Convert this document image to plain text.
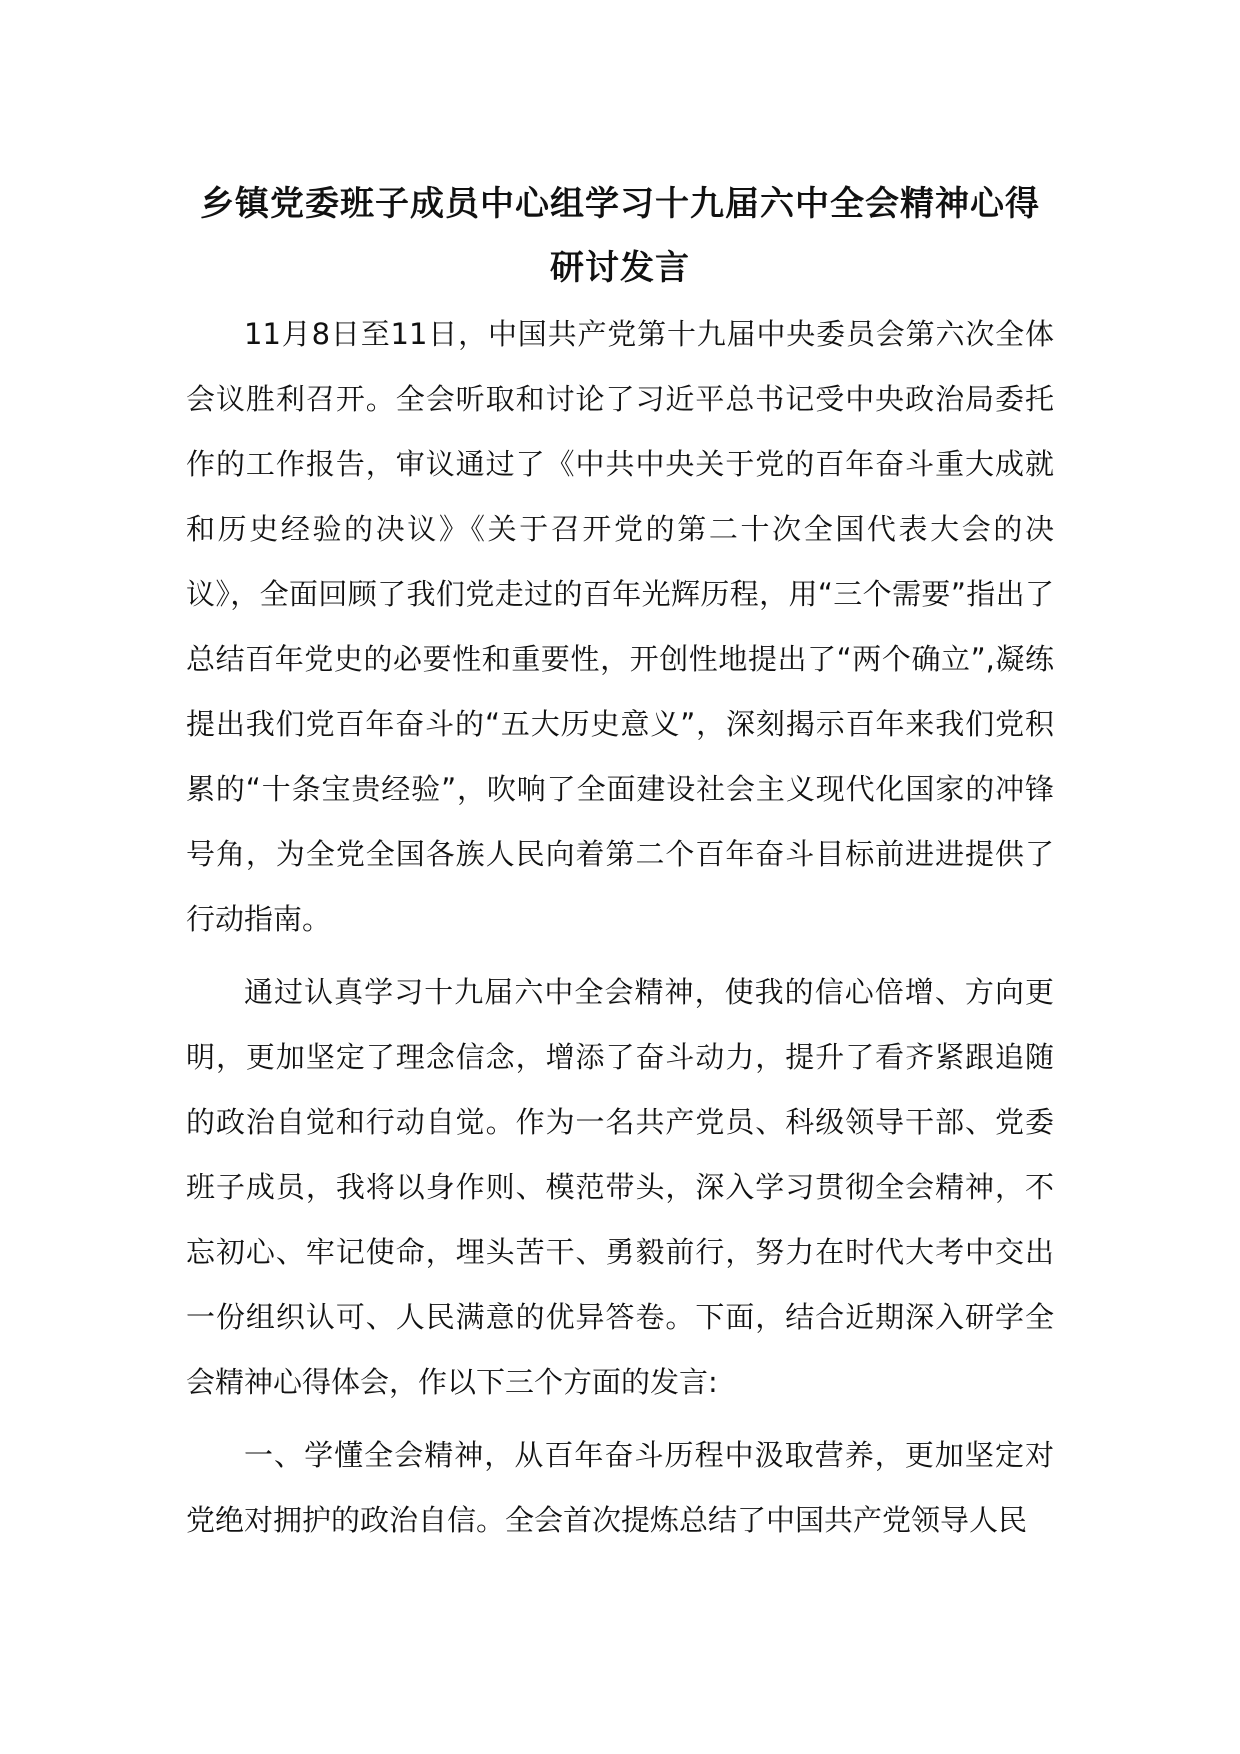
乡镇党委班子成员中心组学习十九届六中全会精神心得研讨发言

11月8日至11日，中国共产党第十九届中央委员会第六次全体会议胜利召开。全会听取和讨论了习近平总书记受中央政治局委托作的工作报告，审议通过了《中共中央关于党的百年奋斗重大成就和历史经验的决议》《关于召开党的第二十次全国代表大会的决议》，全面回顾了我们党走过的百年光辉历程，用“三个需要”指出了总结百年党史的必要性和重要性，开创性地提出了“两个确立”,凝练提出我们党百年奋斗的“五大历史意义”，深刻揭示百年来我们党积累的“十条宝贵经验”，吹响了全面建设社会主义现代化国家的冲锋号角，为全党全国各族人民向着第二个百年奋斗目标前进进提供了行动指南。

通过认真学习十九届六中全会精神，使我的信心倍增、方向更明，更加坚定了理念信念，增添了奋斗动力，提升了看齐紧跟追随的政治自觉和行动自觉。作为一名共产党员、科级领导干部、党委班子成员，我将以身作则、模范带头，深入学习贯彻全会精神，不忘初心、牢记使命，埋头苦干、勇毅前行，努力在时代大考中交出一份组织认可、人民满意的优异答卷。下面，结合近期深入研学全会精神心得体会，作以下三个方面的发言:

一、学懂全会精神，从百年奋斗历程中汲取营养，更加坚定对党绝对拥护的政治自信。全会首次提炼总结了中国共产党领导人民
